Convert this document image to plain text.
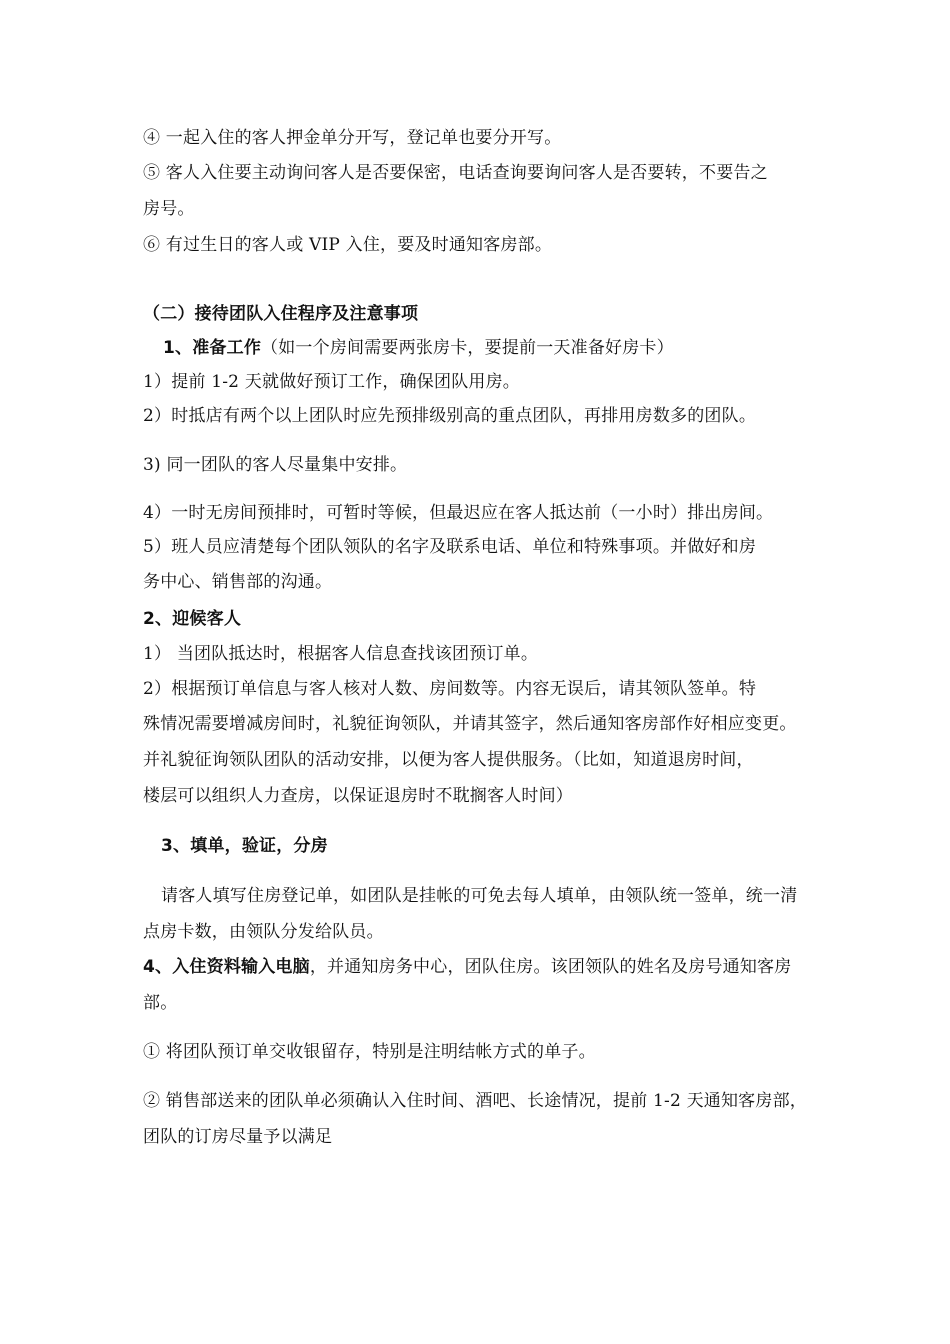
④ 一起入住的客人押金单分开写，登记单也要分开写。
⑤ 客人入住要主动询问客人是否要保密，电话查询要询问客人是否要转，不要告之
房号。
⑥ 有过生日的客人或 VIP 入住，要及时通知客房部。
（二）接待团队入住程序及注意事项
1、准备工作（如一个房间需要两张房卡，要提前一天准备好房卡）
1）提前 1-2 天就做好预订工作，确保团队用房。
2）时抵店有两个以上团队时应先预排级别高的重点团队，再排用房数多的团队。
3) 同一团队的客人尽量集中安排。
4）一时无房间预排时，可暂时等候，但最迟应在客人抵达前（一小时）排出房间。
5）班人员应清楚每个团队领队的名字及联系电话、单位和特殊事项。并做好和房
务中心、销售部的沟通。
2、迎候客人
1） 当团队抵达时，根据客人信息查找该团预订单。
2）根据预订单信息与客人核对人数、房间数等。内容无误后，请其领队签单。特
殊情况需要增减房间时，礼貌征询领队，并请其签字，然后通知客房部作好相应变更。
并礼貌征询领队团队的活动安排，以便为客人提供服务。（比如，知道退房时间，
楼层可以组织人力查房，以保证退房时不耽搁客人时间）
3、填单，验证，分房
请客人填写住房登记单，如团队是挂帐的可免去每人填单，由领队统一签单，统一清
点房卡数，由领队分发给队员。
4、入住资料输入电脑，并通知房务中心，团队住房。该团领队的姓名及房号通知客房
部。
① 将团队预订单交收银留存，特别是注明结帐方式的单子。
② 销售部送来的团队单必须确认入住时间、酒吧、长途情况，提前 1-2 天通知客房部，
团队的订房尽量予以满足
